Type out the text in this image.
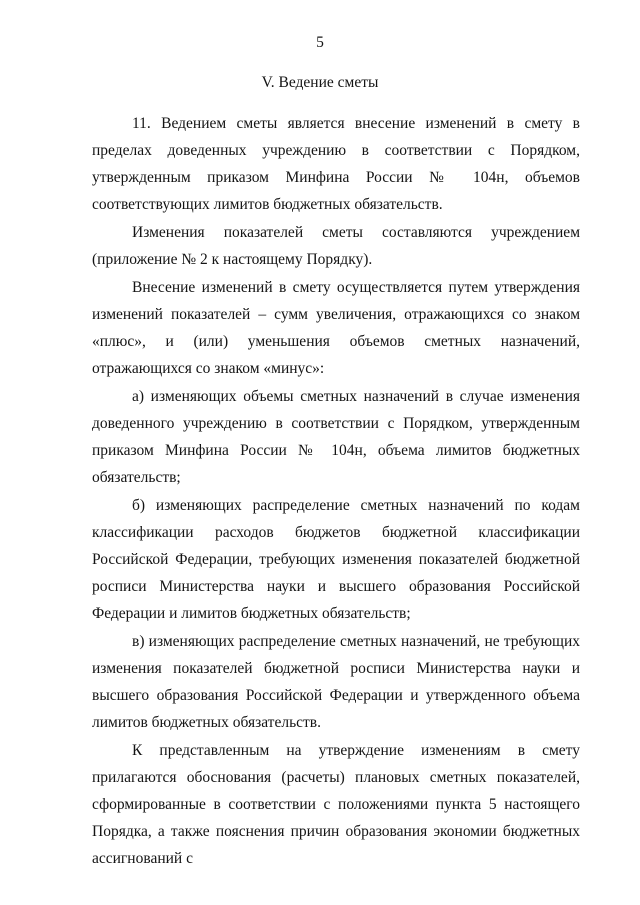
5
V. Ведение сметы

11. Ведением сметы является внесение изменений в смету в пределах доведенных учреждению в соответствии с Порядком, утвержденным приказом Минфина России № 104н, объемов соответствующих лимитов бюджетных обязательств.

Изменения показателей сметы составляются учреждением (приложение № 2 к настоящему Порядку).

Внесение изменений в смету осуществляется путем утверждения изменений показателей – сумм увеличения, отражающихся со знаком «плюс», и (или) уменьшения объемов сметных назначений, отражающихся со знаком «минус»:

а) изменяющих объемы сметных назначений в случае изменения доведенного учреждению в соответствии с Порядком, утвержденным приказом Минфина России № 104н, объема лимитов бюджетных обязательств;

б) изменяющих распределение сметных назначений по кодам классификации расходов бюджетов бюджетной классификации Российской Федерации, требующих изменения показателей бюджетной росписи Министерства науки и высшего образования Российской Федерации и лимитов бюджетных обязательств;

в) изменяющих распределение сметных назначений, не требующих изменения показателей бюджетной росписи Министерства науки и высшего образования Российской Федерации и утвержденного объема лимитов бюджетных обязательств.

К представленным на утверждение изменениям в смету прилагаются обоснования (расчеты) плановых сметных показателей, сформированные в соответствии с положениями пункта 5 настоящего Порядка, а также пояснения причин образования экономии бюджетных ассигнований с
